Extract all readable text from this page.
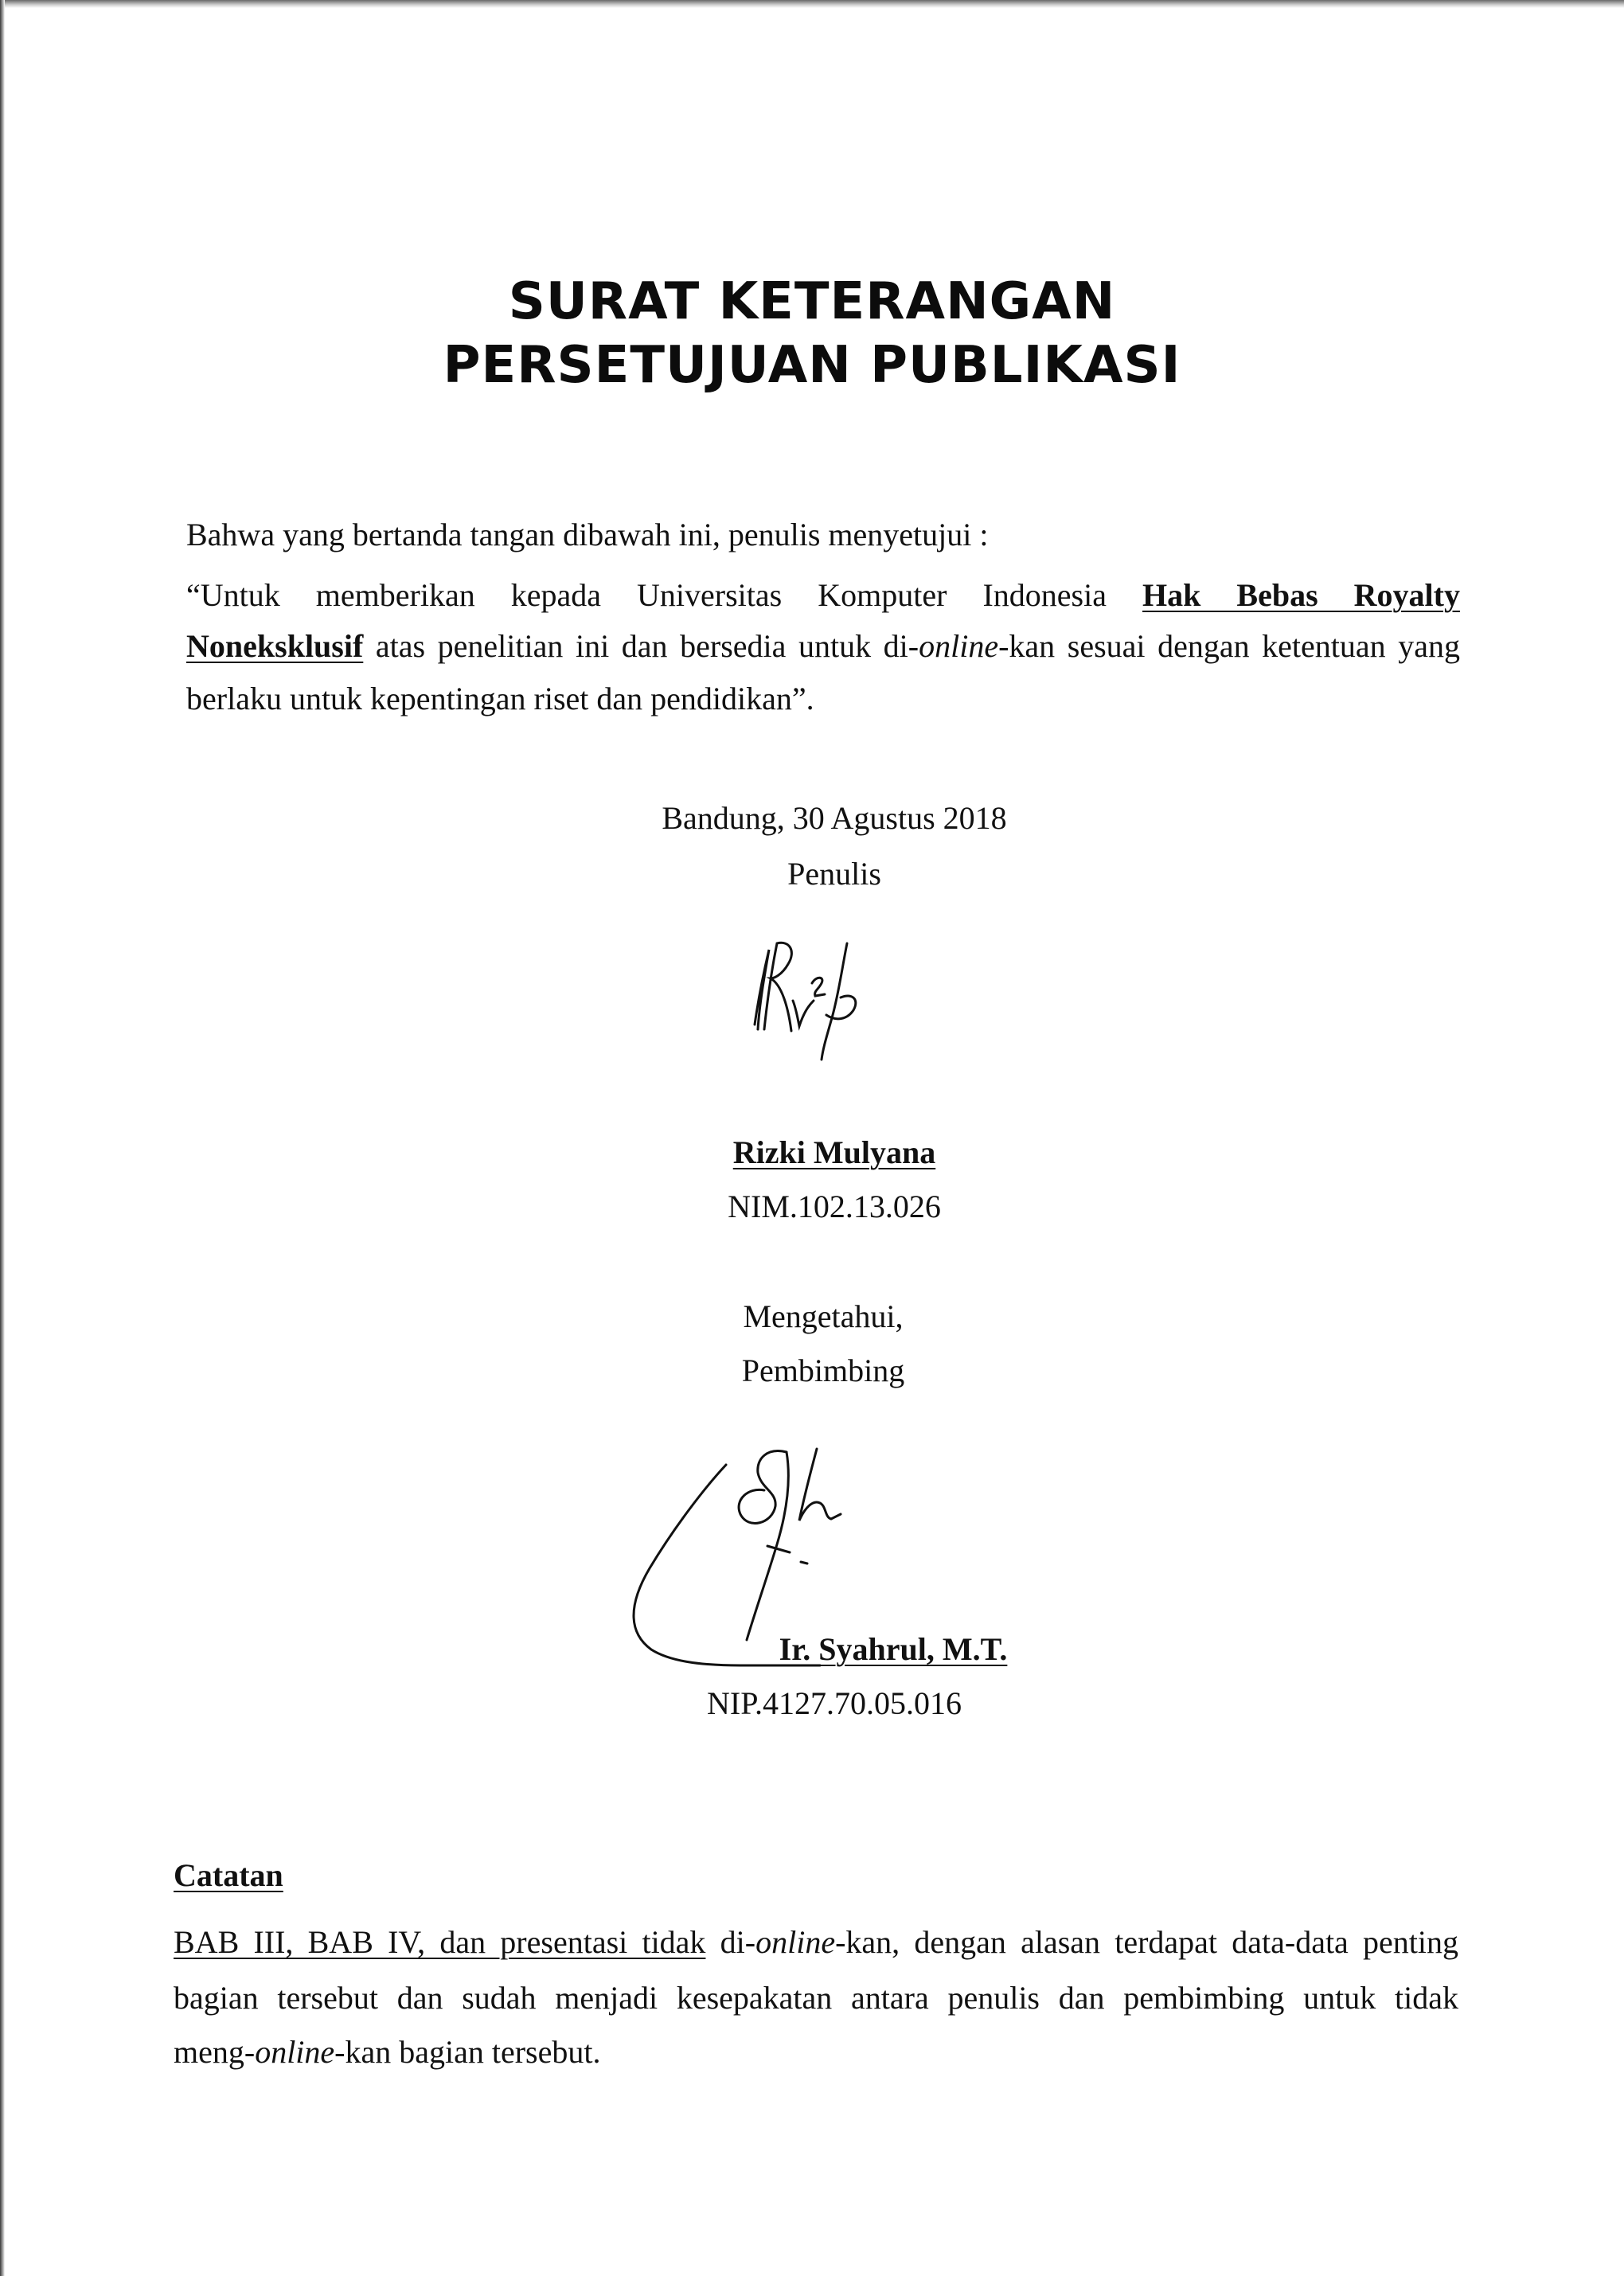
SURAT KETERANGAN
PERSETUJUAN PUBLIKASI
Bahwa yang bertanda tangan dibawah ini, penulis menyetujui :
“Untuk memberikan kepada Universitas Komputer Indonesia Hak Bebas Royalty
Noneksklusif atas penelitian ini dan bersedia untuk di-online-kan sesuai dengan ketentuan yang
berlaku untuk kepentingan riset dan pendidikan”.
Bandung, 30 Agustus 2018
Penulis
Rizki Mulyana
NIM.102.13.026
Mengetahui,
Pembimbing
Ir. Syahrul, M.T.
NIP.4127.70.05.016
Catatan
BAB III, BAB IV, dan presentasi tidak di-online-kan, dengan alasan terdapat data-data penting
bagian tersebut dan sudah menjadi kesepakatan antara penulis dan pembimbing untuk tidak
meng-online-kan bagian tersebut.
